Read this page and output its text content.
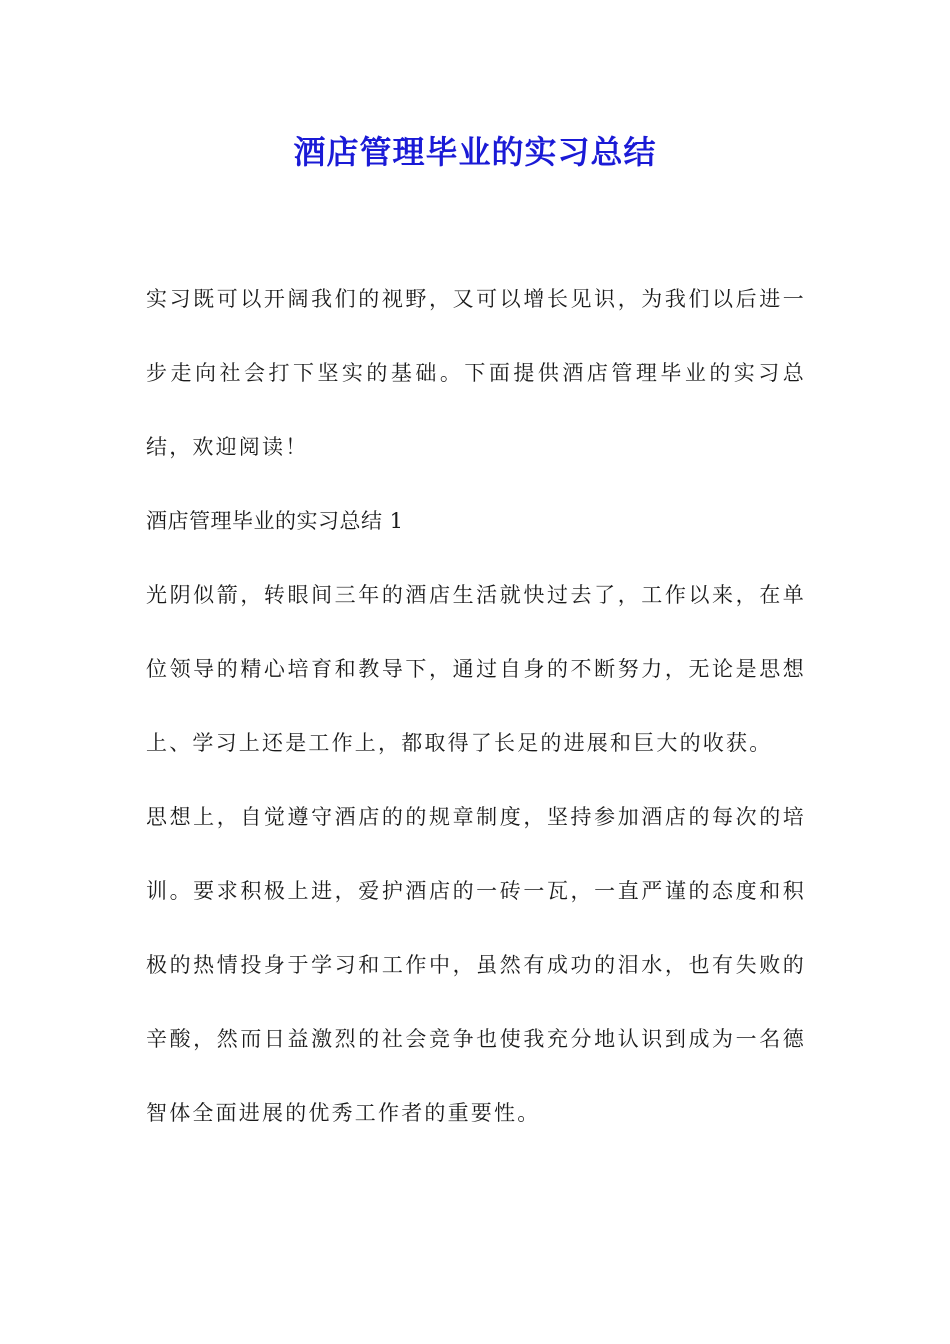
酒店管理毕业的实习总结

实习既可以开阔我们的视野，又可以增长见识，为我们以后进一步走向社会打下坚实的基础。下面提供酒店管理毕业的实习总结，欢迎阅读！

酒店管理毕业的实习总结 1

光阴似箭，转眼间三年的酒店生活就快过去了，工作以来，在单位领导的精心培育和教导下，通过自身的不断努力，无论是思想上、学习上还是工作上，都取得了长足的进展和巨大的收获。

思想上，自觉遵守酒店的的规章制度，坚持参加酒店的每次的培训。要求积极上进，爱护酒店的一砖一瓦，一直严谨的态度和积极的热情投身于学习和工作中，虽然有成功的泪水，也有失败的辛酸，然而日益激烈的社会竞争也使我充分地认识到成为一名德智体全面进展的优秀工作者的重要性。
